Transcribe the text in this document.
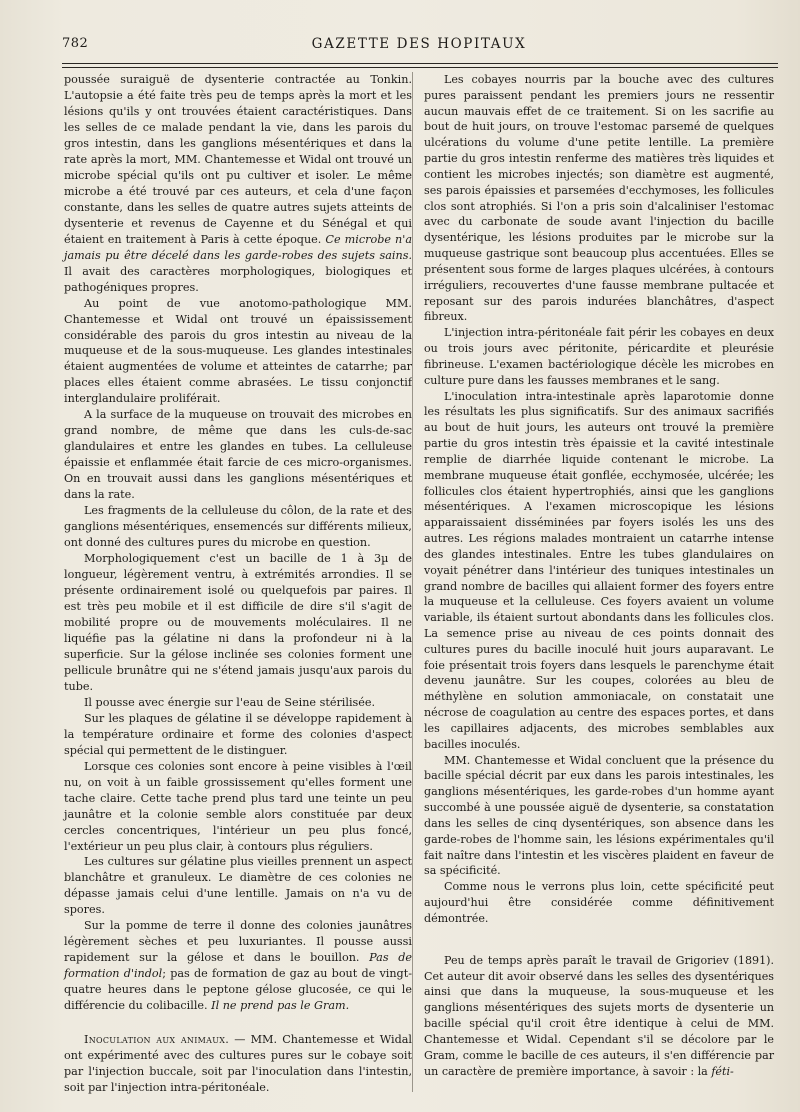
782	GAZETTE DES HOPITAUX

poussée suraiguë de dysenterie contractée au Tonkin. L'autopsie a été faite très peu de temps après la mort et les lésions qu'ils y ont trouvées étaient caractéristiques. Dans les selles de ce malade pendant la vie, dans les parois du gros intestin, dans les ganglions mésentériques et dans la rate après la mort, MM. Chantemesse et Widal ont trouvé un microbe spécial qu'ils ont pu cultiver et isoler. Le même microbe a été trouvé par ces auteurs, et cela d'une façon constante, dans les selles de quatre autres sujets atteints de dysenterie et revenus de Cayenne et du Sénégal et qui étaient en traitement à Paris à cette époque. Ce microbe n'a jamais pu être décelé dans les garde-robes des sujets sains. Il avait des caractères morphologiques, biologiques et pathogéniques propres.

Au point de vue anotomo-pathologique MM. Chantemesse et Widal ont trouvé un épaississement considérable des parois du gros intestin au niveau de la muqueuse et de la sous-muqueuse. Les glandes intestinales étaient augmentées de volume et atteintes de catarrhe; par places elles étaient comme abrasées. Le tissu conjonctif interglandulaire proliférait.

A la surface de la muqueuse on trouvait des microbes en grand nombre, de même que dans les culs-de-sac glandulaires et entre les glandes en tubes. La celluleuse épaissie et enflammée était farcie de ces micro-organismes. On en trouvait aussi dans les ganglions mésentériques et dans la rate.

Les fragments de la celluleuse du côlon, de la rate et des ganglions mésentériques, ensemencés sur différents milieux, ont donné des cultures pures du microbe en question.

Morphologiquement c'est un bacille de 1 à 3µ de longueur, légèrement ventru, à extrémités arrondies. Il se présente ordinairement isolé ou quelquefois par paires. Il est très peu mobile et il est difficile de dire s'il s'agit de mobilité propre ou de mouvements moléculaires. Il ne liquéfie pas la gélatine ni dans la profondeur ni à la superficie. Sur la gélose inclinée ses colonies forment une pellicule brunâtre qui ne s'étend jamais jusqu'aux parois du tube.

Il pousse avec énergie sur l'eau de Seine stérilisée.

Sur les plaques de gélatine il se développe rapidement à la température ordinaire et forme des colonies d'aspect spécial qui permettent de le distinguer.

Lorsque ces colonies sont encore à peine visibles à l'œil nu, on voit à un faible grossissement qu'elles forment une tache claire. Cette tache prend plus tard une teinte un peu jaunâtre et la colonie semble alors constituée par deux cercles concentriques, l'intérieur un peu plus foncé, l'extérieur un peu plus clair, à contours plus réguliers.

Les cultures sur gélatine plus vieilles prennent un aspect blanchâtre et granuleux. Le diamètre de ces colonies ne dépasse jamais celui d'une lentille. Jamais on n'a vu de spores.

Sur la pomme de terre il donne des colonies jaunâtres légèrement sèches et peu luxuriantes. Il pousse aussi rapidement sur la gélose et dans le bouillon. Pas de formation d'indol; pas de formation de gaz au bout de vingt-quatre heures dans le peptone gélose glucosée, ce qui le différencie du colibacille. Il ne prend pas le Gram.

Inoculation aux animaux. — MM. Chantemesse et Widal ont expérimenté avec des cultures pures sur le cobaye soit par l'injection buccale, soit par l'inoculation dans l'intestin, soit par l'injection intra-péritonéale.

Les cobayes nourris par la bouche avec des cultures pures paraissent pendant les premiers jours ne ressentir aucun mauvais effet de ce traitement. Si on les sacrifie au bout de huit jours, on trouve l'estomac parsemé de quelques ulcérations du volume d'une petite lentille. La première partie du gros intestin renferme des matières très liquides et contient les microbes injectés; son diamètre est augmenté, ses parois épaissies et parsemées d'ecchymoses, les follicules clos sont atrophiés. Si l'on a pris soin d'alcaliniser l'estomac avec du carbonate de soude avant l'injection du bacille dysentérique, les lésions produites par le microbe sur la muqueuse gastrique sont beaucoup plus accentuées. Elles se présentent sous forme de larges plaques ulcérées, à contours irréguliers, recouvertes d'une fausse membrane pultacée et reposant sur des parois indurées blanchâtres, d'aspect fibreux.

L'injection intra-péritonéale fait périr les cobayes en deux ou trois jours avec péritonite, péricardite et pleurésie fibrineuse. L'examen bactériologique décèle les microbes en culture pure dans les fausses membranes et le sang.

L'inoculation intra-intestinale après laparotomie donne les résultats les plus significatifs. Sur des animaux sacrifiés au bout de huit jours, les auteurs ont trouvé la première partie du gros intestin très épaissie et la cavité intestinale remplie de diarrhée liquide contenant le microbe. La membrane muqueuse était gonflée, ecchymosée, ulcérée; les follicules clos étaient hypertrophiés, ainsi que les ganglions mésentériques. A l'examen microscopique les lésions apparaissaient disséminées par foyers isolés les uns des autres. Les régions malades montraient un catarrhe intense des glandes intestinales. Entre les tubes glandulaires on voyait pénétrer dans l'intérieur des tuniques intestinales un grand nombre de bacilles qui allaient former des foyers entre la muqueuse et la celluleuse. Ces foyers avaient un volume variable, ils étaient surtout abondants dans les follicules clos. La semence prise au niveau de ces points donnait des cultures pures du bacille inoculé huit jours auparavant. Le foie présentait trois foyers dans lesquels le parenchyme était devenu jaunâtre. Sur les coupes, colorées au bleu de méthylène en solution ammoniacale, on constatait une nécrose de coagulation au centre des espaces portes, et dans les capillaires adjacents, des microbes semblables aux bacilles inoculés.

MM. Chantemesse et Widal concluent que la présence du bacille spécial décrit par eux dans les parois intestinales, les ganglions mésentériques, les garde-robes d'un homme ayant succombé à une poussée aiguë de dysenterie, sa constatation dans les selles de cinq dysentériques, son absence dans les garde-robes de l'homme sain, les lésions expérimentales qu'il fait naître dans l'intestin et les viscères plaident en faveur de sa spécificité.

Comme nous le verrons plus loin, cette spécificité peut aujourd'hui être considérée comme définitivement démontrée.

Peu de temps après paraît le travail de Grigoriev (1891). Cet auteur dit avoir observé dans les selles des dysentériques ainsi que dans la muqueuse, la sous-muqueuse et les ganglions mésentériques des sujets morts de dysenterie un bacille spécial qu'il croit être identique à celui de MM. Chantemesse et Widal. Cependant s'il se décolore par le Gram, comme le bacille de ces auteurs, il s'en différencie par un caractère de première importance, à savoir : la féti-
